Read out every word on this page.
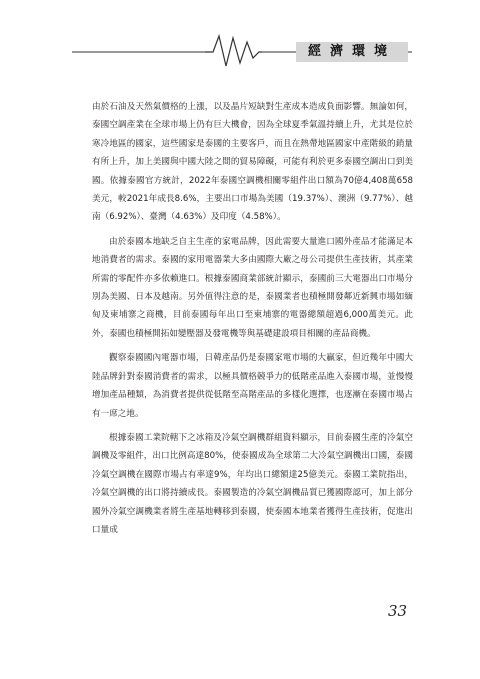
經濟環境

由於石油及天然氣價格的上漲，以及晶片短缺對生產成本造成負面影響。無論如何，泰國空調產業在全球市場上仍有巨大機會，因為全球夏季氣溫持續上升，尤其是位於寒冷地區的國家，這些國家是泰國的主要客戶，而且在熱帶地區國家中產階級的銷量有所上升，加上美國與中國大陸之間的貿易障礙，可能有利於更多泰國空調出口到美國。依據泰國官方統計，2022年泰國空調機相關零組件出口額為70億4,408萬658美元，較2021年成長8.6%，主要出口市場為美國（19.37%）、澳洲（9.77%）、越南（6.92%）、臺灣（4.63%）及印度（4.58%）。

由於泰國本地缺乏自主生產的家電品牌，因此需要大量進口國外產品才能滿足本地消費者的需求。泰國的家用電器業大多由國際大廠之母公司提供生產技術，其產業所需的零配件亦多依賴進口。根據泰國商業部統計顯示，泰國前三大電器出口市場分別為美國、日本及越南。另外值得注意的是，泰國業者也積極開發鄰近新興市場如緬甸及柬埔寨之商機，目前泰國每年出口至柬埔寨的電器總額超過6,000萬美元。此外，泰國也積極開拓如變壓器及發電機等與基礎建設項目相關的產品商機。

觀察泰國國內電器市場，日韓產品仍是泰國家電市場的大贏家，但近幾年中國大陸品牌針對泰國消費者的需求，以極具價格競爭力的低階產品進入泰國市場，並慢慢增加產品種類，為消費者提供從低階至高階產品的多樣化選擇，也逐漸在泰國市場占有一席之地。

根據泰國工業院轄下之冰箱及冷氣空調機群組資料顯示，目前泰國生產的冷氣空調機及零組件，出口比例高達80%，使泰國成為全球第二大冷氣空調機出口國，泰國冷氣空調機在國際市場占有率達9%，年均出口總額達25億美元。泰國工業院指出，冷氣空調機的出口將持續成長。泰國製造的冷氣空調機品質已獲國際認可，加上部分國外冷氣空調機業者將生產基地轉移到泰國，使泰國本地業者獲得生產技術，促進出口量成

33
